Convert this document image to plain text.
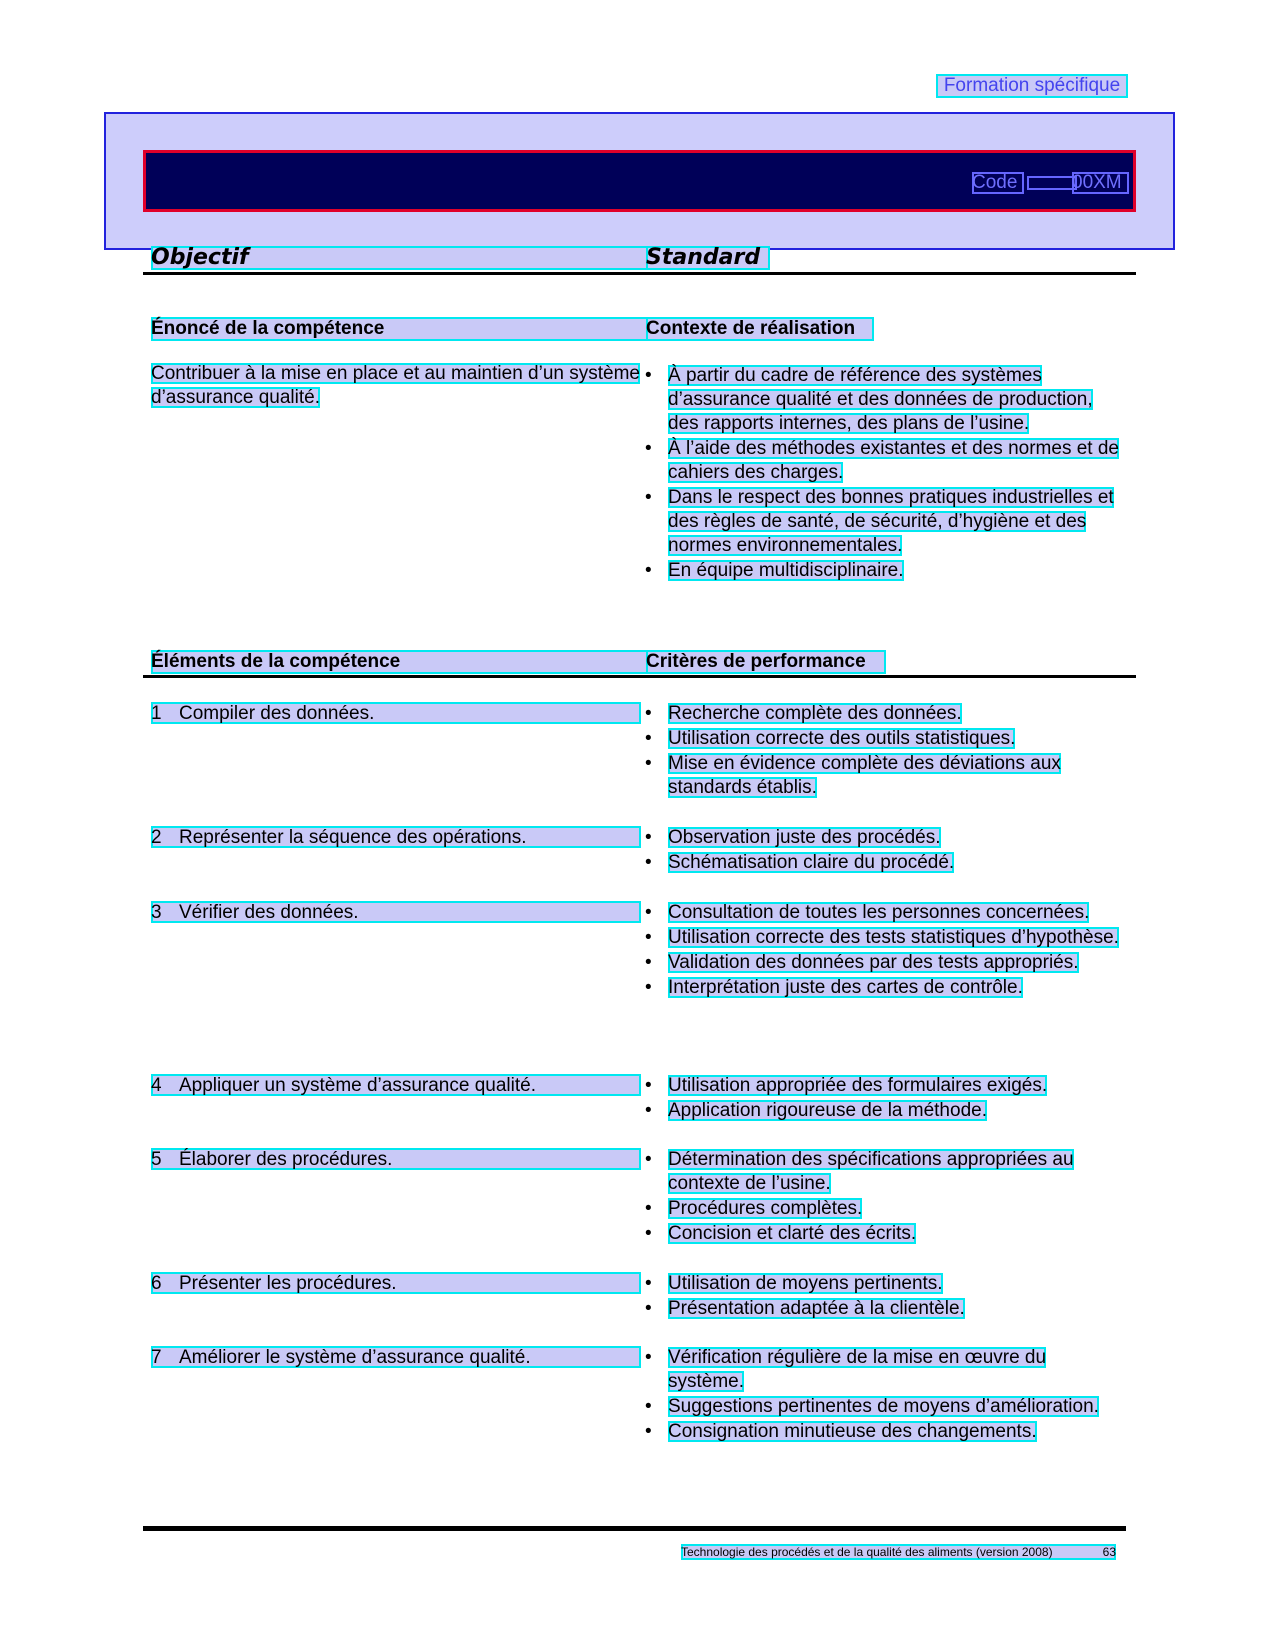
Formation spécifique
Code	00XM
Objectif	Standard
Énoncé de la compétence	Contexte de réalisation
Contribuer à la mise en place et au maintien d’un système d’assurance qualité.
• À partir du cadre de référence des systèmes d’assurance qualité et des données de production, des rapports internes, des plans de l’usine.
• À l’aide des méthodes existantes et des normes et de cahiers des charges.
• Dans le respect des bonnes pratiques industrielles et des règles de santé, de sécurité, d’hygiène et des normes environnementales.
• En équipe multidisciplinaire.
Éléments de la compétence	Critères de performance
1 Compiler des données.	• Recherche complète des données.
• Utilisation correcte des outils statistiques.
• Mise en évidence complète des déviations aux standards établis.
2 Représenter la séquence des opérations.	• Observation juste des procédés.
• Schématisation claire du procédé.
3 Vérifier des données.	• Consultation de toutes les personnes concernées.
• Utilisation correcte des tests statistiques d’hypothèse.
• Validation des données par des tests appropriés.
• Interprétation juste des cartes de contrôle.
4 Appliquer un système d’assurance qualité.	• Utilisation appropriée des formulaires exigés.
• Application rigoureuse de la méthode.
5 Élaborer des procédures.	• Détermination des spécifications appropriées au contexte de l’usine.
• Procédures complètes.
• Concision et clarté des écrits.
6 Présenter les procédures.	• Utilisation de moyens pertinents.
• Présentation adaptée à la clientèle.
7 Améliorer le système d’assurance qualité.	• Vérification régulière de la mise en œuvre du système.
• Suggestions pertinentes de moyens d’amélioration.
• Consignation minutieuse des changements.
Technologie des procédés et de la qualité des aliments (version 2008)	63
